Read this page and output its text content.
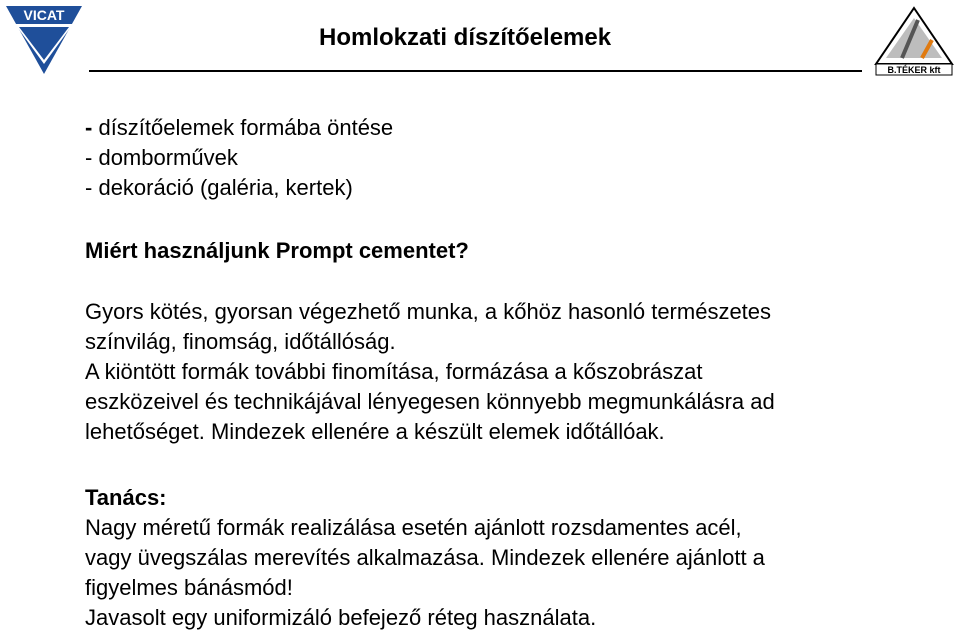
VICAT
Homlokzati díszítőelemek
B.TÉKER kft
- díszítőelemek formába öntése
- domborművek
- dekoráció (galéria, kertek)
Miért használjunk Prompt cementet?
Gyors kötés, gyorsan végezhető munka, a kőhöz hasonló természetes
színvilág, finomság, időtállóság.
A kiöntött formák további finomítása, formázása a kőszobrászat
eszközeivel és technikájával lényegesen könnyebb megmunkálásra ad
lehetőséget. Mindezek ellenére a készült elemek időtállóak.
Tanács:
Nagy méretű formák realizálása esetén ajánlott rozsdamentes acél,
vagy üvegszálas merevítés alkalmazása. Mindezek ellenére ajánlott a
figyelmes bánásmód!
Javasolt egy uniformizáló befejező réteg használata.
